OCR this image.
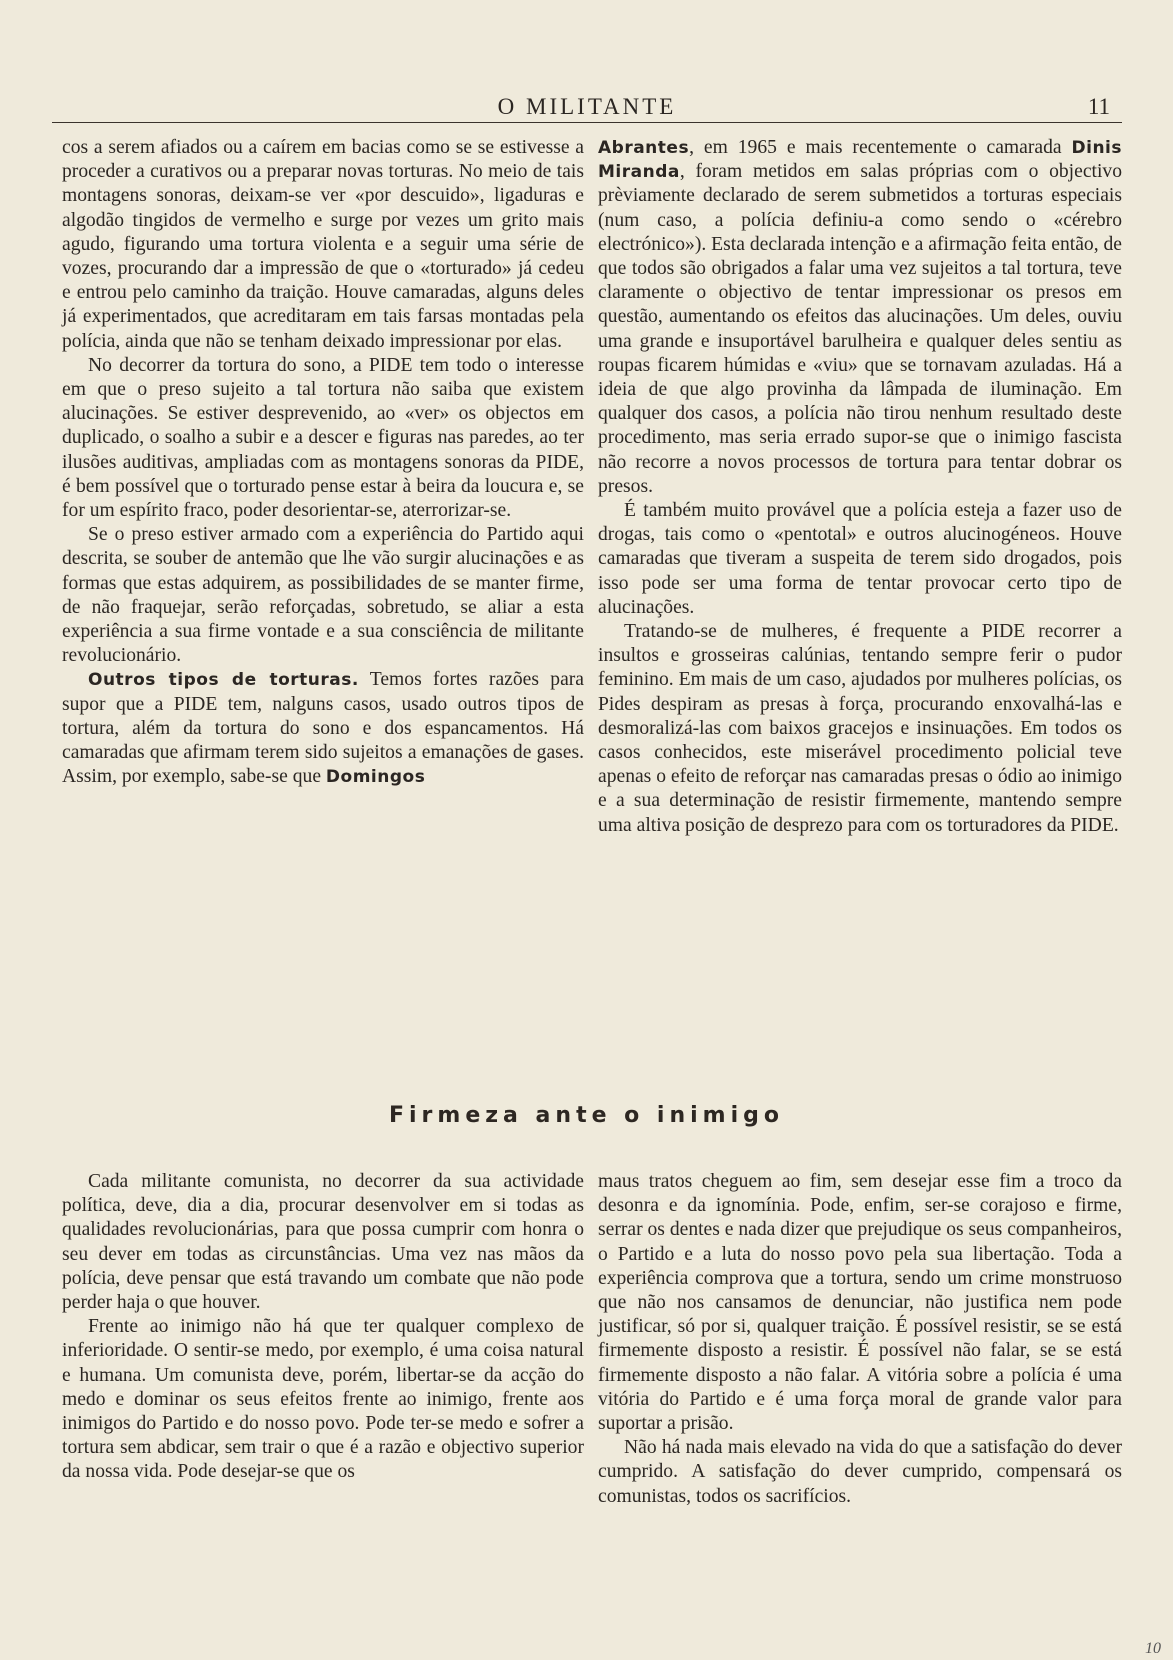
O MILITANTE	11

cos a serem afiados ou a caírem em bacias como se se estivesse a proceder a curativos ou a preparar novas torturas. No meio de tais montagens sonoras, deixam-se ver «por descuido», ligaduras e algodão tingidos de vermelho e surge por vezes um grito mais agudo, figurando uma tortura violenta e a seguir uma série de vozes, procurando dar a impressão de que o «torturado» já cedeu e entrou pelo caminho da traição. Houve camaradas, alguns deles já experimentados, que acreditaram em tais farsas montadas pela polícia, ainda que não se tenham deixado impressionar por elas.

No decorrer da tortura do sono, a PIDE tem todo o interesse em que o preso sujeito a tal tortura não saiba que existem alucinações. Se estiver desprevenido, ao «ver» os objectos em duplicado, o soalho a subir e a descer e figuras nas paredes, ao ter ilusões auditivas, ampliadas com as montagens sonoras da PIDE, é bem possível que o torturado pense estar à beira da loucura e, se for um espírito fraco, poder desorientar-se, aterrorizar-se.

Se o preso estiver armado com a experiência do Partido aqui descrita, se souber de antemão que lhe vão surgir alucinações e as formas que estas adquirem, as possibilidades de se manter firme, de não fraquejar, serão reforçadas, sobretudo, se aliar a esta experiência a sua firme vontade e a sua consciência de militante revolucionário.

Outros tipos de torturas. Temos fortes razões para supor que a PIDE tem, nalguns casos, usado outros tipos de tortura, além da tortura do sono e dos espancamentos. Há camaradas que afirmam terem sido sujeitos a emanações de gases. Assim, por exemplo, sabe-se que Domingos

Abrantes, em 1965 e mais recentemente o camarada Dinis Miranda, foram metidos em salas próprias com o objectivo prèviamente declarado de serem submetidos a torturas especiais (num caso, a polícia definiu-a como sendo o «cérebro electrónico»). Esta declarada intenção e a afirmação feita então, de que todos são obrigados a falar uma vez sujeitos a tal tortura, teve claramente o objectivo de tentar impressionar os presos em questão, aumentando os efeitos das alucinações. Um deles, ouviu uma grande e insuportável barulheira e qualquer deles sentiu as roupas ficarem húmidas e «viu» que se tornavam azuladas. Há a ideia de que algo provinha da lâmpada de iluminação. Em qualquer dos casos, a polícia não tirou nenhum resultado deste procedimento, mas seria errado supor-se que o inimigo fascista não recorre a novos processos de tortura para tentar dobrar os presos.

É também muito provável que a polícia esteja a fazer uso de drogas, tais como o «pentotal» e outros alucinogéneos. Houve camaradas que tiveram a suspeita de terem sido drogados, pois isso pode ser uma forma de tentar provocar certo tipo de alucinações.

Tratando-se de mulheres, é frequente a PIDE recorrer a insultos e grosseiras calúnias, tentando sempre ferir o pudor feminino. Em mais de um caso, ajudados por mulheres polícias, os Pides despiram as presas à força, procurando enxovalhá-las e desmoralizá-las com baixos gracejos e insinuações. Em todos os casos conhecidos, este miserável procedimento policial teve apenas o efeito de reforçar nas camaradas presas o ódio ao inimigo e a sua determinação de resistir firmemente, mantendo sempre uma altiva posição de desprezo para com os torturadores da PIDE.

Firmeza ante o inimigo

Cada militante comunista, no decorrer da sua actividade política, deve, dia a dia, procurar desenvolver em si todas as qualidades revolucionárias, para que possa cumprir com honra o seu dever em todas as circunstâncias. Uma vez nas mãos da polícia, deve pensar que está travando um combate que não pode perder haja o que houver.

Frente ao inimigo não há que ter qualquer complexo de inferioridade. O sentir-se medo, por exemplo, é uma coisa natural e humana. Um comunista deve, porém, libertar-se da acção do medo e dominar os seus efeitos frente ao inimigo, frente aos inimigos do Partido e do nosso povo. Pode ter-se medo e sofrer a tortura sem abdicar, sem trair o que é a razão e objectivo superior da nossa vida. Pode desejar-se que os

maus tratos cheguem ao fim, sem desejar esse fim a troco da desonra e da ignomínia. Pode, enfim, ser-se corajoso e firme, serrar os dentes e nada dizer que prejudique os seus companheiros, o Partido e a luta do nosso povo pela sua libertação. Toda a experiência comprova que a tortura, sendo um crime monstruoso que não nos cansamos de denunciar, não justifica nem pode justificar, só por si, qualquer traição. É possível resistir, se se está firmemente disposto a resistir. É possível não falar, se se está firmemente disposto a não falar. A vitória sobre a polícia é uma vitória do Partido e é uma força moral de grande valor para suportar a prisão.

Não há nada mais elevado na vida do que a satisfação do dever cumprido. A satisfação do dever cumprido, compensará os comunistas, todos os sacrifícios.

10
